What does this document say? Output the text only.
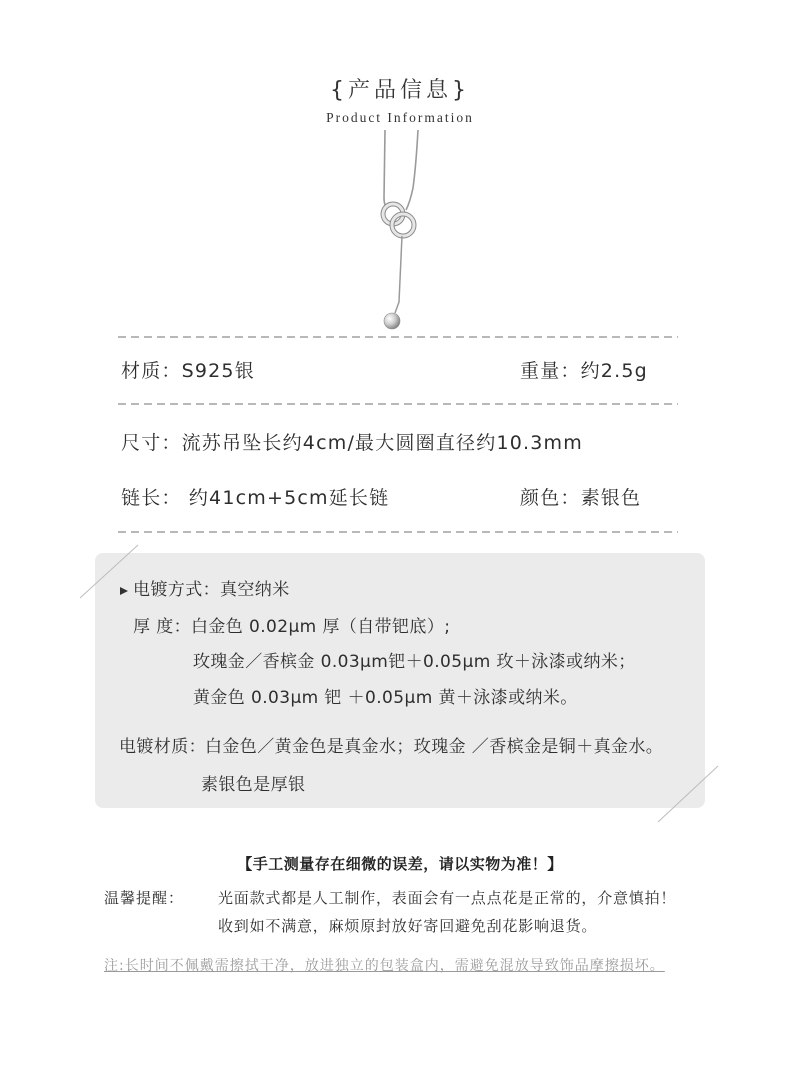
{产品信息}
Product Information
材质：S925银	重量：约2.5g
尺寸：流苏吊坠长约4cm/最大圆圈直径约10.3mm
链长： 约41cm+5cm延长链	颜色：素银色
电镀方式：真空纳米
厚 度： 白金色 0.02μm 厚（自带钯底）;
玫瑰金／香槟金 0.03μm钯＋0.05μm 玫＋泳漆或纳米；
黄金色 0.03μm 钯 ＋0.05μm 黄＋泳漆或纳米。
电镀材质： 白金色／黄金色是真金水；玫瑰金 ／香槟金是铜＋真金水。
素银色是厚银
【手工测量存在细微的误差，请以实物为准！】
温馨提醒： 光面款式都是人工制作，表面会有一点点花是正常的，介意慎拍！
收到如不满意，麻烦原封放好寄回避免刮花影响退货。
注:长时间不佩戴需擦拭干净，放进独立的包装盒内，需避免混放导致饰品摩擦损坏。
